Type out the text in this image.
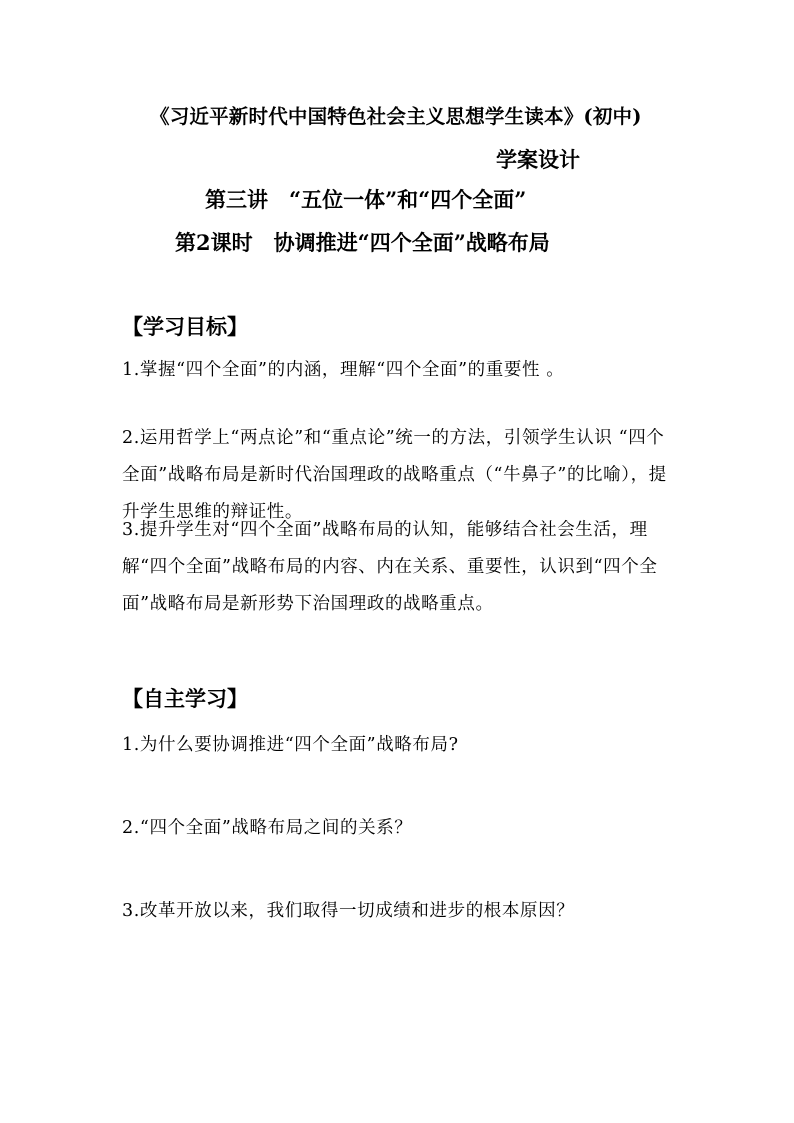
《习近平新时代中国特色社会主义思想学生读本》(初中)
学案设计
第三讲　“五位一体”和“四个全面”
第2课时　协调推进“四个全面”战略布局
【学习目标】
1.掌握“四个全面”的内涵，理解“四个全面”的重要性 。
2.运用哲学上“两点论”和“重点论”统一的方法，引领学生认识 “四个全面”战略布局是新时代治国理政的战略重点（“牛鼻子”的比喻），提升学生思维的辩证性。
3.提升学生对“四个全面”战略布局的认知，能够结合社会生活，理解“四个全面”战略布局的内容、内在关系、重要性，认识到“四个全面”战略布局是新形势下治国理政的战略重点。
【自主学习】
1.为什么要协调推进“四个全面”战略布局?
2.“四个全面”战略布局之间的关系？
3.改革开放以来，我们取得一切成绩和进步的根本原因？
